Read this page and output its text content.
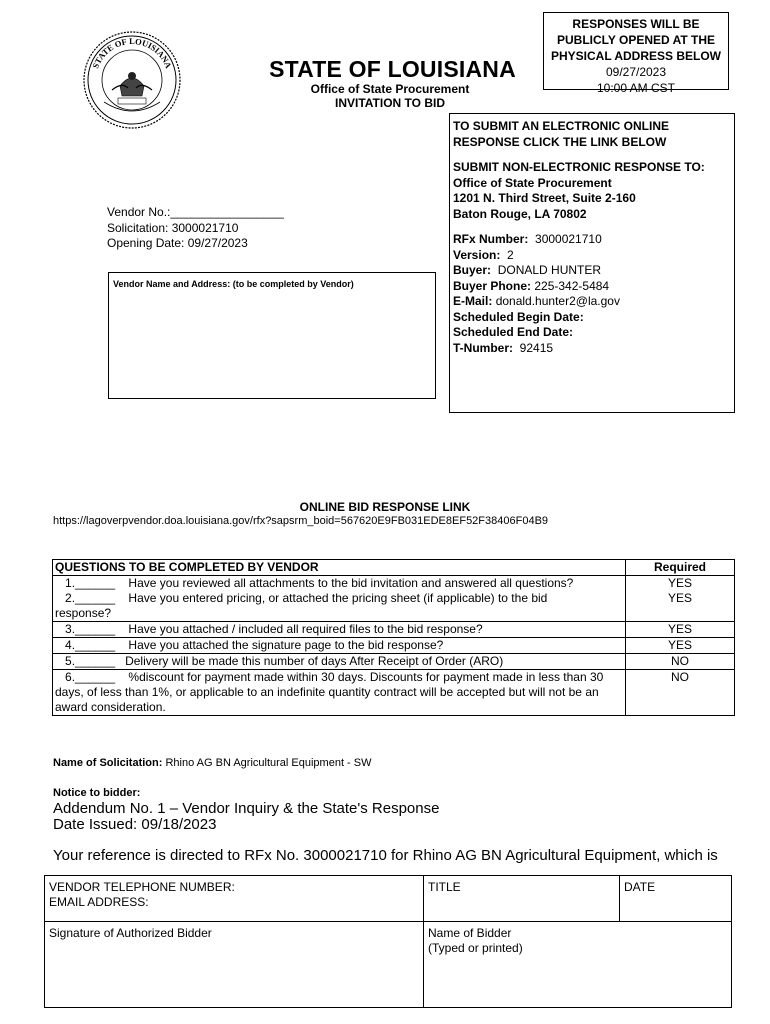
STATE OF LOUISIANA	STATE OF LOUISIANA
Office of State Procurement
INVITATION TO BID
RESPONSES WILL BE
PUBLICLY OPENED AT THE
PHYSICAL ADDRESS BELOW
09/27/2023
10:00 AM CST
TO SUBMIT AN ELECTRONIC ONLINE
RESPONSE CLICK THE LINK BELOW
SUBMIT NON-ELECTRONIC RESPONSE TO:
Office of State Procurement
1201 N. Third Street, Suite 2-160
Baton Rouge, LA 70802
RFx Number: 3000021710
Version: 2
Buyer: DONALD HUNTER
Buyer Phone: 225-342-5484
E-Mail: donald.hunter2@la.gov
Scheduled Begin Date:
Scheduled End Date:
T-Number: 92415
Vendor No.:_________________
Solicitation: 3000021710
Opening Date: 09/27/2023
Vendor Name and Address: (to be completed by Vendor)
ONLINE BID RESPONSE LINK
https://lagoverpvendor.doa.louisiana.gov/rfx?sapsrm_boid=567620E9FB031EDE8EF52F38406F04B9
QUESTIONS TO BE COMPLETED BY VENDOR	Required
1.______ Have you reviewed all attachments to the bid invitation and answered all questions?	YES
2.______ Have you entered pricing, or attached the pricing sheet (if applicable) to the bid
response?	YES
3.______ Have you attached / included all required files to the bid response?	YES
4.______ Have you attached the signature page to the bid response?	YES
5.______ Delivery will be made this number of days After Receipt of Order (ARO)	NO
6.______ %discount for payment made within 30 days. Discounts for payment made in less than 30
days, of less than 1%, or applicable to an indefinite quantity contract will be accepted but will not be an
award consideration.	NO
Name of Solicitation: Rhino AG BN Agricultural Equipment - SW
Notice to bidder:
Addendum No. 1 – Vendor Inquiry & the State's Response
Date Issued: 09/18/2023
Your reference is directed to RFx No. 3000021710 for Rhino AG BN Agricultural Equipment, which is
VENDOR TELEPHONE NUMBER:
EMAIL ADDRESS:	TITLE	DATE
Signature of Authorized Bidder	Name of Bidder
(Typed or printed)	
